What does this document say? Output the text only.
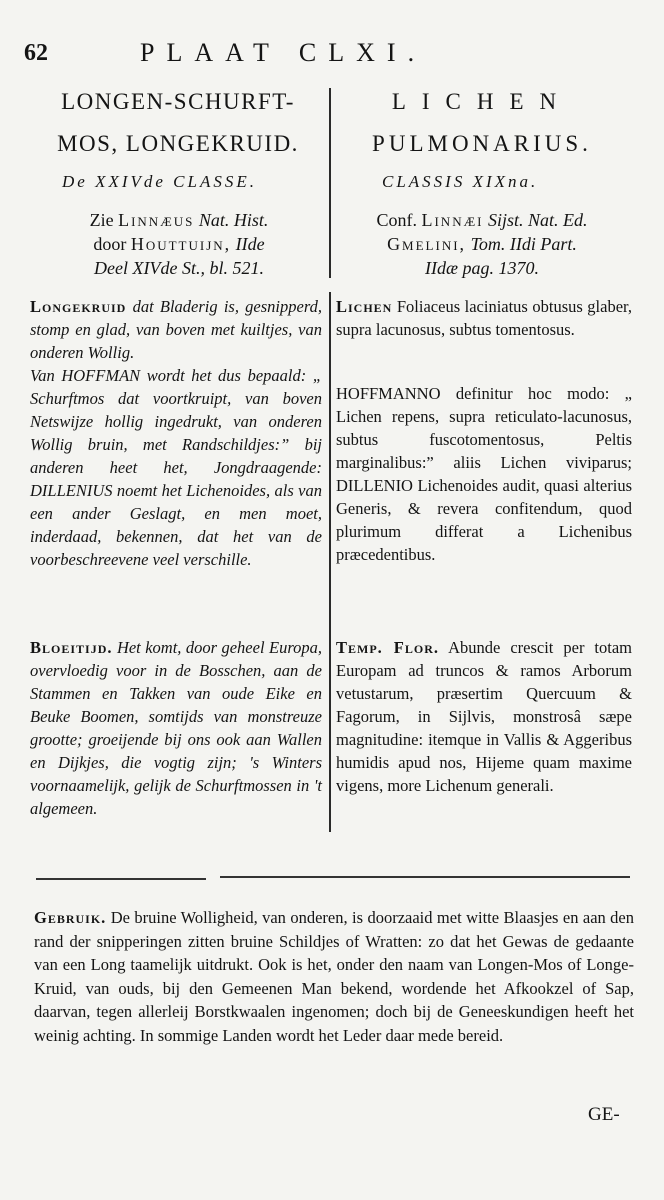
62	PLAAT CLXI.
LONGEN-SCHURFT-
MOS, LONGEKRUID.
De XXIVde CLASSE.
Zie Linnæus Nat. Hist.
door Houttuijn, IIde
Deel XIVde St., bl. 521.
LICHEN
PULMONARIUS.
CLASSIS XIXna.
Conf. Linnæi Sijst. Nat. Ed.
Gmelini, Tom. IIdi Part.
IIdæ pag. 1370.

Longekruid dat Bladerig is, gesnipperd, stomp en glad, van boven met kuiltjes, van onderen Wollig.

Van HOFFMAN wordt het dus bepaald: „ Schurftmos dat voortkruipt, van boven Netswijze hollig ingedrukt, van onderen Wollig bruin, met Randschildjes:” bij anderen heet het, Jongdraagende: DILLENIUS noemt het Lichenoides, als van een ander Geslagt, en men moet, inderdaad, bekennen, dat het van de voorbeschreevene veel verschille.

Bloeitijd. Het komt, door geheel Europa, overvloedig voor in de Bosschen, aan de Stammen en Takken van oude Eike en Beuke Boomen, somtijds van monstreuze grootte; groeijende bij ons ook aan Wallen en Dijkjes, die vogtig zijn; 's Winters voornaamelijk, gelijk de Schurftmossen in 't algemeen.

Lichen Foliaceus laciniatus obtusus glaber, supra lacunosus, subtus tomentosus.

HOFFMANNO definitur hoc modo: „ Lichen repens, supra reticulato-lacunosus, subtus fuscotomentosus, Peltis marginalibus:” aliis Lichen viviparus; DILLENIO Lichenoides audit, quasi alterius Generis, & revera confitendum, quod plurimum differat a Lichenibus præcedentibus.

Temp. Flor. Abunde crescit per totam Europam ad truncos & ramos Arborum vetustarum, præsertim Quercuum & Fagorum, in Sijlvis, monstrosâ sæpe magnitudine: itemque in Vallis & Aggeribus humidis apud nos, Hijeme quam maxime vigens, more Lichenum generali.

Gebruik. De bruine Wolligheid, van onderen, is doorzaaid met witte Blaasjes en aan den rand der snipperingen zitten bruine Schildjes of Wratten: zo dat het Gewas de gedaante van een Long taamelijk uitdrukt. Ook is het, onder den naam van Longen-Mos of Longe-Kruid, van ouds, bij den Gemeenen Man bekend, wordende het Afkookzel of Sap, daarvan, tegen allerleij Borstkwaalen ingenomen; doch bij de Geneeskundigen heeft het weinig achting. In sommige Landen wordt het Leder daar mede bereid.
GE-
